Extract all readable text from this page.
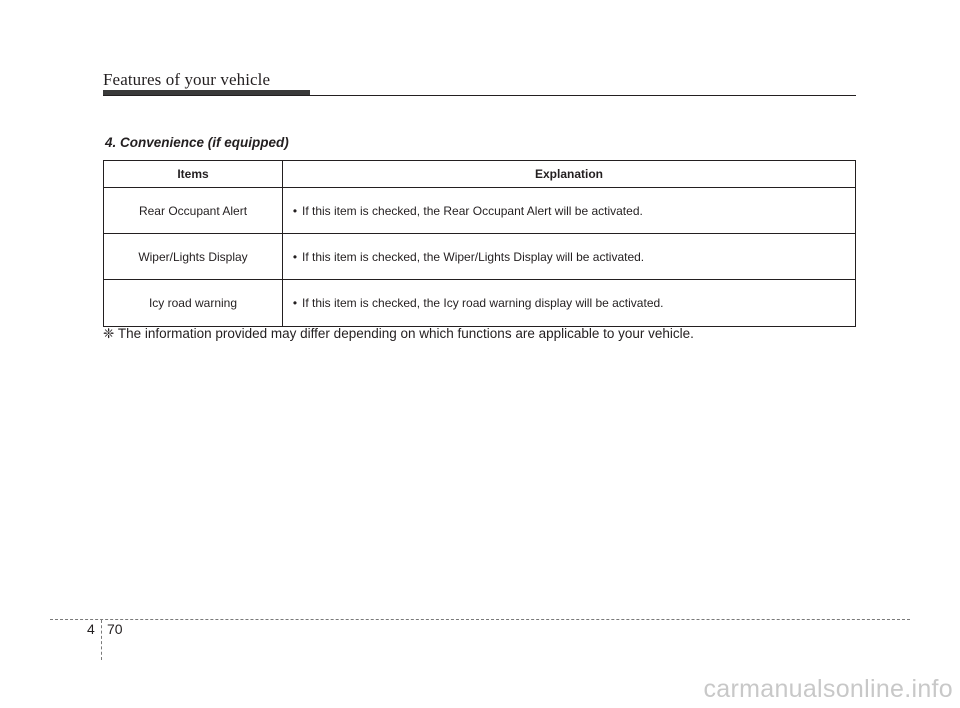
Features of your vehicle
4. Convenience (if equipped)
Items	Explanation
Rear Occupant Alert	• If this item is checked, the Rear Occupant Alert will be activated.
Wiper/Lights Display	• If this item is checked, the Wiper/Lights Display will be activated.
Icy road warning	• If this item is checked, the Icy road warning display will be activated.
❈ The information provided may differ depending on which functions are applicable to your vehicle.
4 70
carmanualsonline.info
